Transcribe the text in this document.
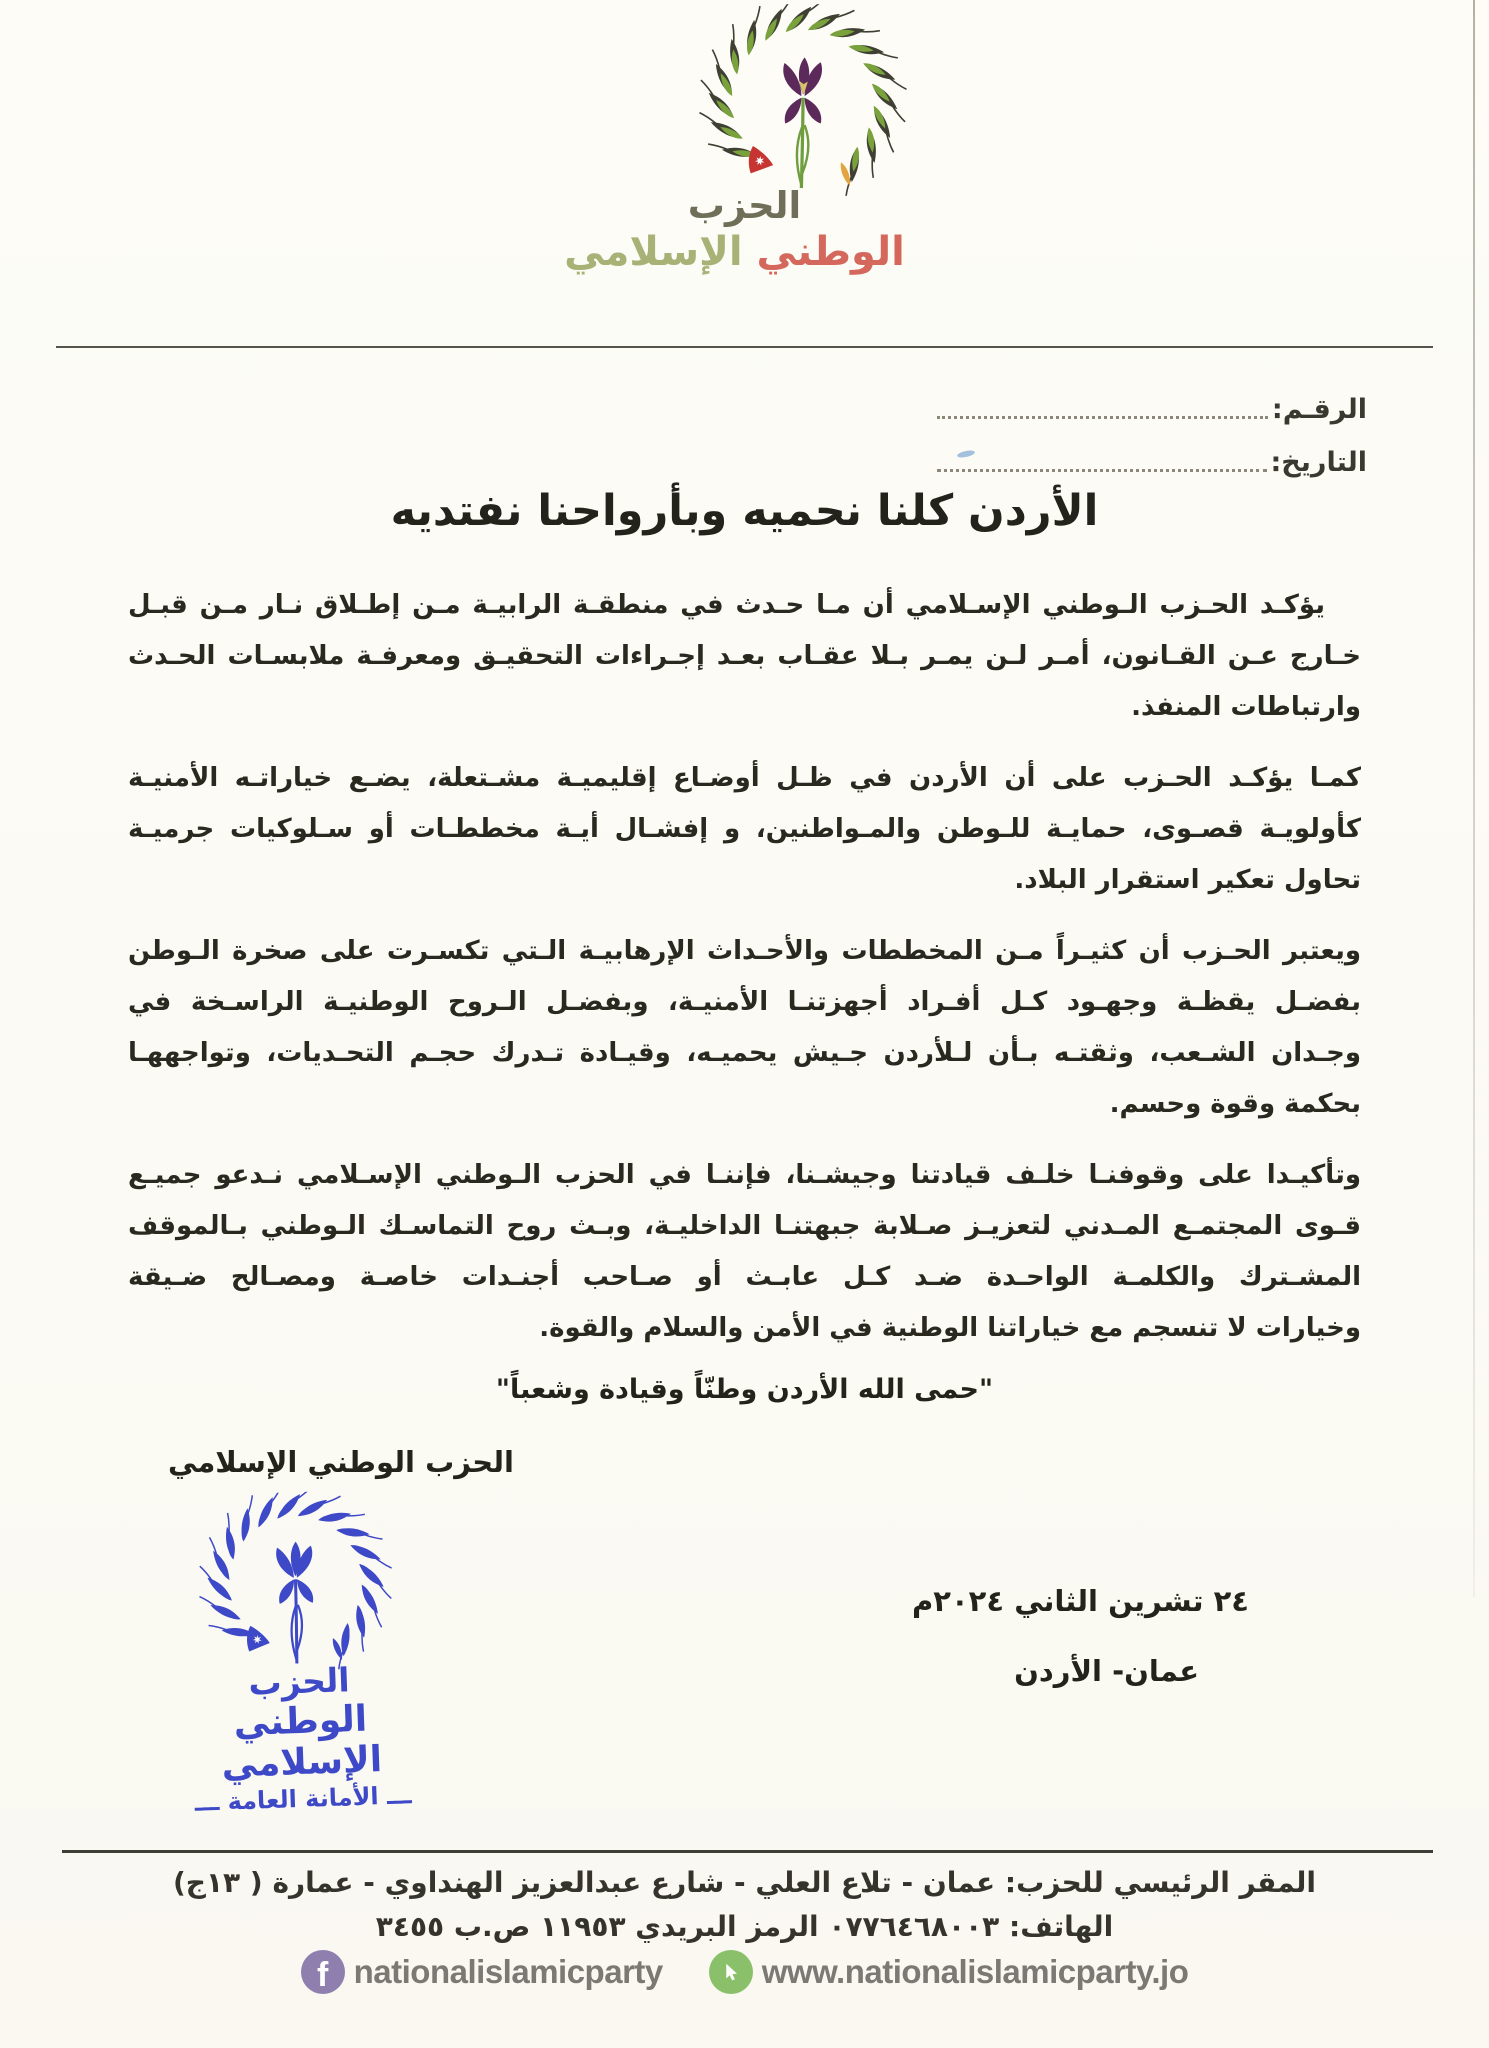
الحزب
الوطني الإسلامي
الرقـم:
التاريخ:
الأردن كلنا نحميه وبأرواحنا نفتديه
يؤكـد الحـزب الـوطني الإسـلامي أن مـا حـدث في منطقـة الرابيـة مـن إطـلاق نـار مـن قبـل
خـارج عـن القـانون، أمـر لـن يمـر بـلا عقـاب بعـد إجـراءات التحقيـق ومعرفـة ملابسـات الحـدث
وارتباطات المنفذ.
كمـا يؤكـد الحـزب على أن الأردن في ظـل أوضـاع إقليميـة مشـتعلة، يضـع خياراتـه الأمنيـة
كأولويـة قصـوى، حمايـة للـوطن والمـواطنين، و إفشـال أيـة مخططـات أو سـلوكيات جرميـة
تحاول تعكير استقرار البلاد.
ويعتبر الحـزب أن كثيـراً مـن المخططات والأحـداث الإرهابيـة الـتي تكسـرت على صخرة الـوطن
بفضـل يقظـة وجهـود كـل أفـراد أجهزتنـا الأمنيـة، وبفضـل الـروح الوطنيـة الراسـخة في
وجـدان الشـعب، وثقتـه بـأن لـلأردن جـيش يحميـه، وقيـادة تـدرك حجـم التحـديات، وتواجههـا
بحكمة وقوة وحسم.
وتأكيـدا على وقوفنـا خلـف قيادتنا وجيشـنا، فإننـا في الحزب الـوطني الإسـلامي نـدعو جميـع
قـوى المجتمـع المـدني لتعزيـز صـلابة جبهتنـا الداخليـة، وبـث روح التماسـك الـوطني بـالموقف
المشـترك والكلمـة الواحـدة ضـد كـل عابـث أو صـاحب أجنـدات خاصـة ومصـالح ضـيقة
وخيارات لا تنسجم مع خياراتنا الوطنية في الأمن والسلام والقوة.
"حمى الله الأردن وطنّاً وقيادة وشعباً"
الحزب الوطني الإسلامي
الحزب
الوطني الإسلامي
ـــ الأمانة العامة ـــ
٢٤ تشرين الثاني ٢٠٢٤م
عمان- الأردن
المقر الرئيسي للحزب: عمان - تلاع العلي - شارع عبدالعزيز الهنداوي - عمارة ( ١٣ج)
الهاتف: ٠٧٧٦٤٦٨٠٠٣ الرمز البريدي ١١٩٥٣ ص.ب ٣٤٥٥
f nationalislamicparty	www.nationalislamicparty.jo
